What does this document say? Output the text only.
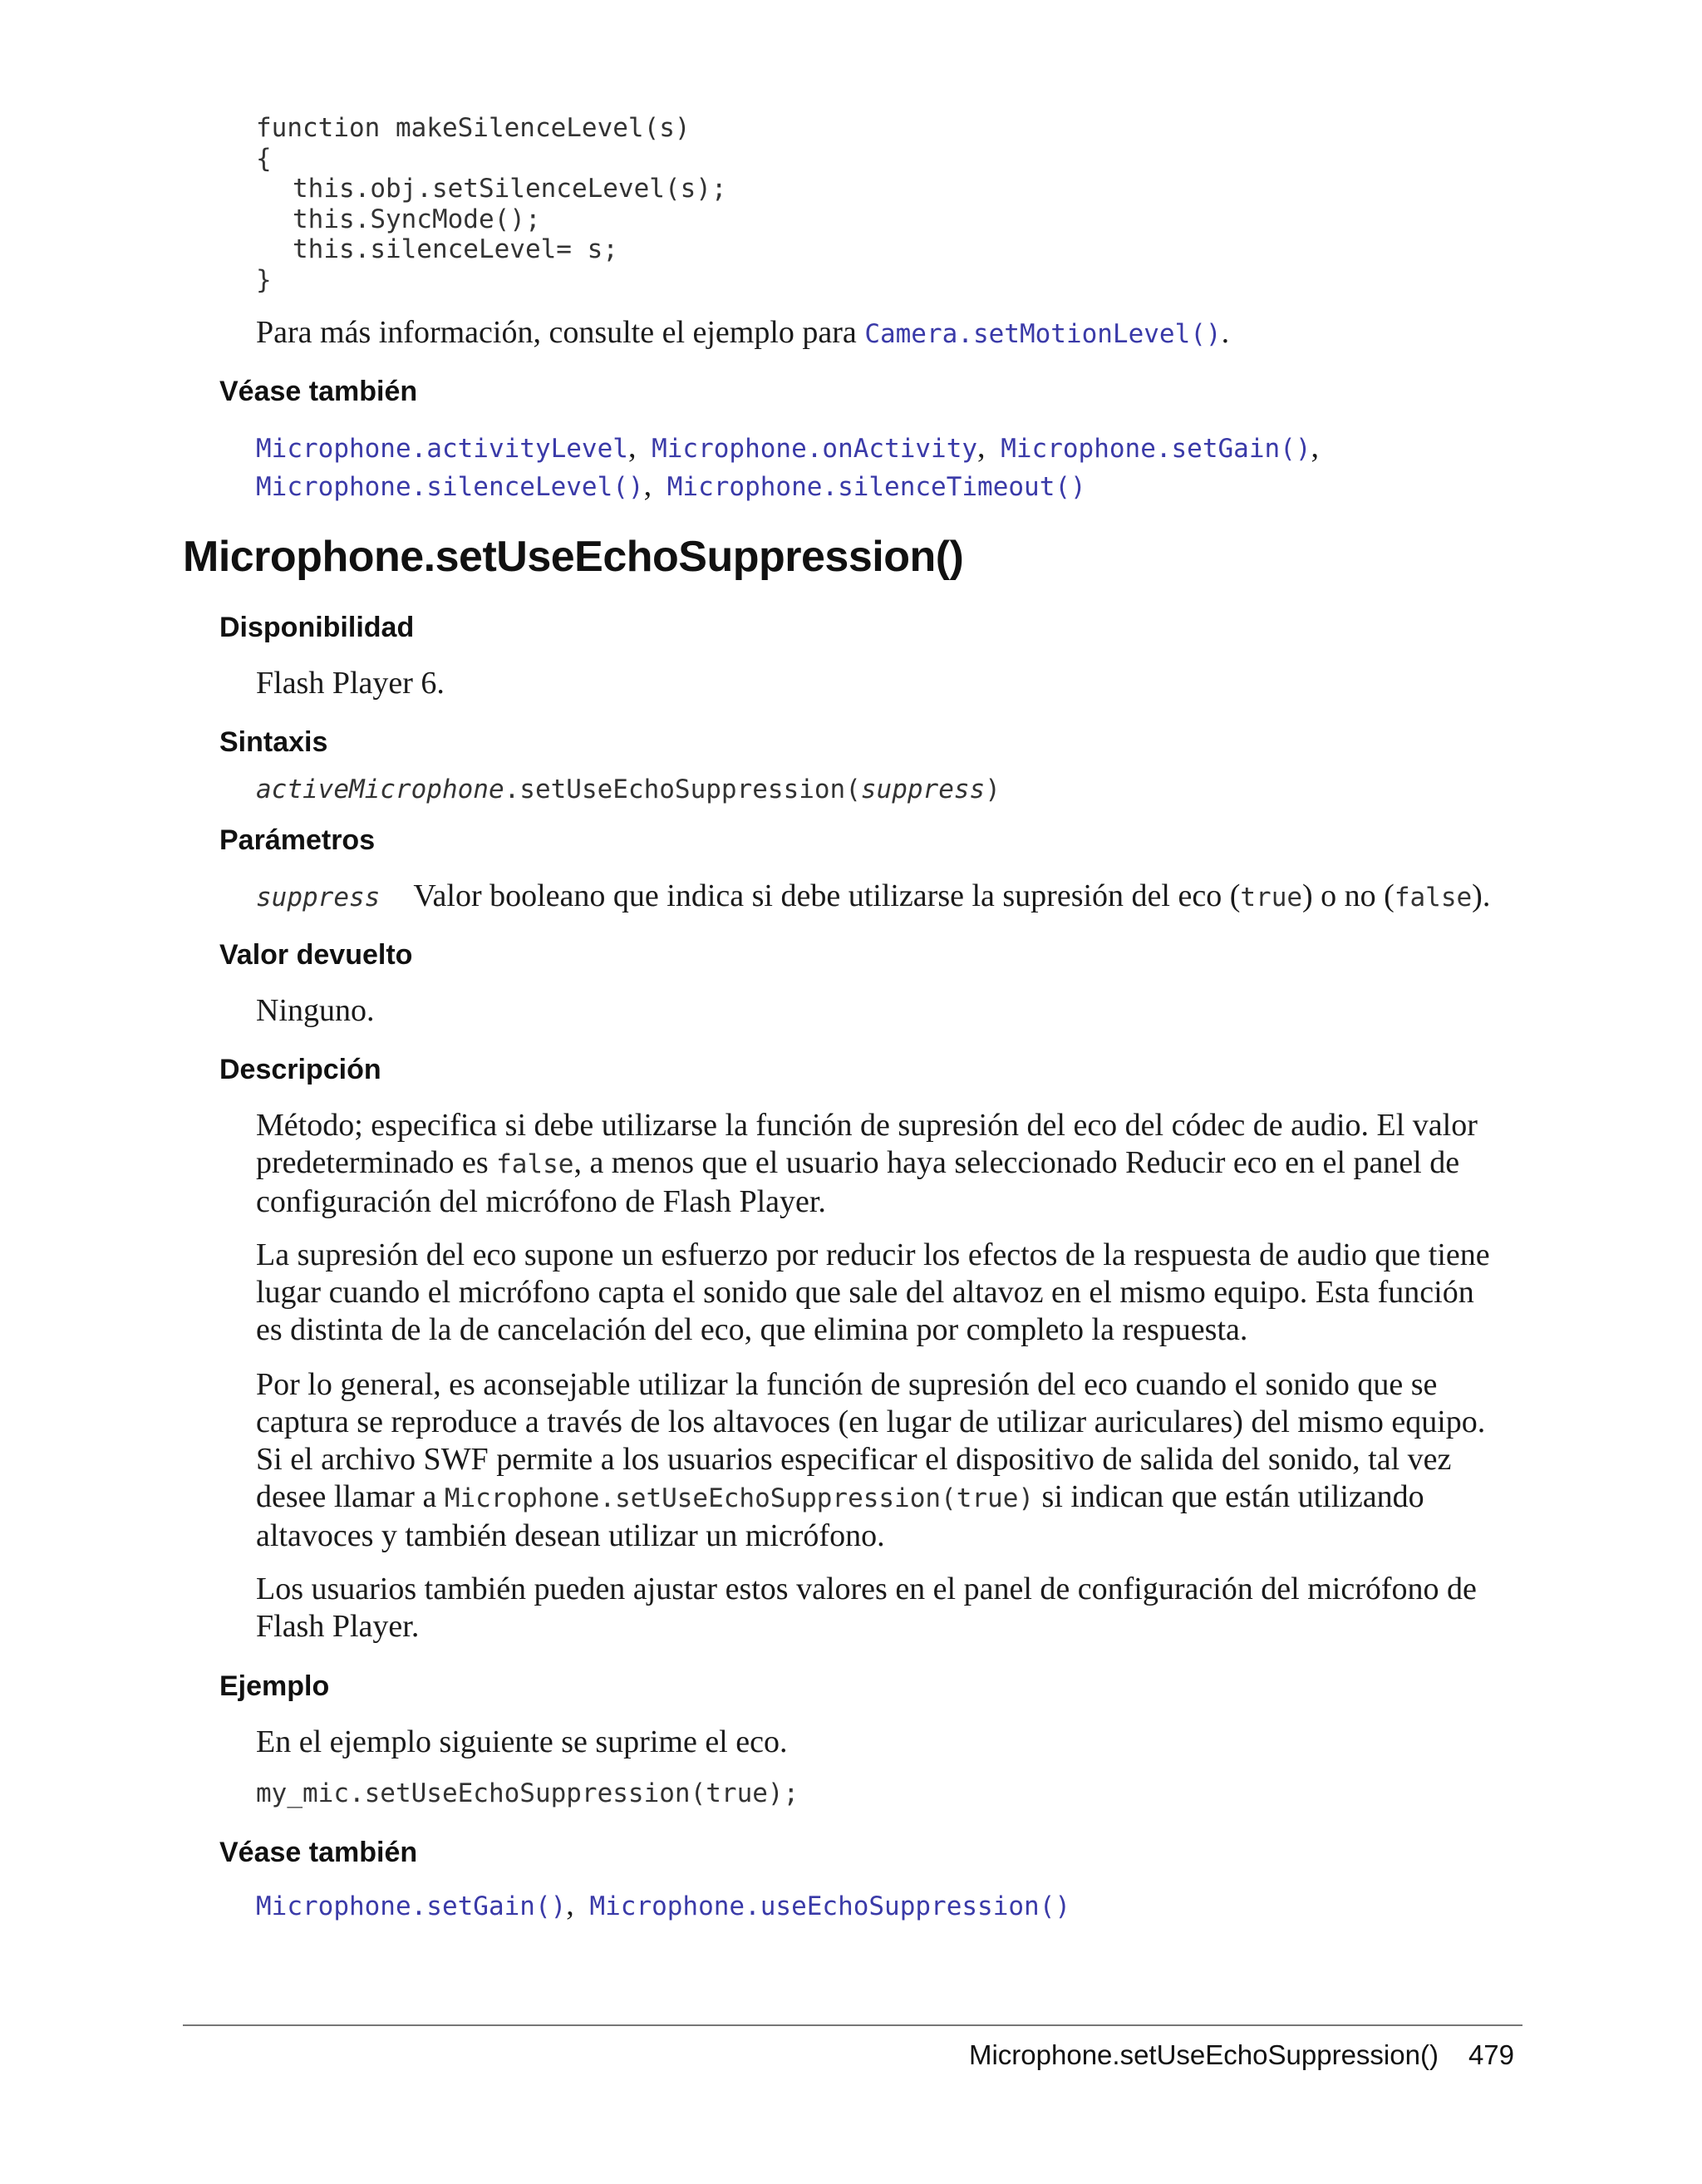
function makeSilenceLevel(s)
{
this.obj.setSilenceLevel(s);
this.SyncMode();
this.silenceLevel= s;
}
Para más información, consulte el ejemplo para Camera.setMotionLevel().
Véase también
Microphone.activityLevel, Microphone.onActivity, Microphone.setGain(),
Microphone.silenceLevel(), Microphone.silenceTimeout()
Microphone.setUseEchoSuppression()
Disponibilidad
Flash Player 6.
Sintaxis
activeMicrophone.setUseEchoSuppression(suppress)
Parámetros
suppress Valor booleano que indica si debe utilizarse la supresión del eco (true) o no (false).
Valor devuelto
Ninguno.
Descripción
Método; especifica si debe utilizarse la función de supresión del eco del códec de audio. El valor
predeterminado es false, a menos que el usuario haya seleccionado Reducir eco en el panel de
configuración del micrófono de Flash Player.
La supresión del eco supone un esfuerzo por reducir los efectos de la respuesta de audio que tiene
lugar cuando el micrófono capta el sonido que sale del altavoz en el mismo equipo. Esta función
es distinta de la de cancelación del eco, que elimina por completo la respuesta.
Por lo general, es aconsejable utilizar la función de supresión del eco cuando el sonido que se
captura se reproduce a través de los altavoces (en lugar de utilizar auriculares) del mismo equipo.
Si el archivo SWF permite a los usuarios especificar el dispositivo de salida del sonido, tal vez
desee llamar a Microphone.setUseEchoSuppression(true) si indican que están utilizando
altavoces y también desean utilizar un micrófono.
Los usuarios también pueden ajustar estos valores en el panel de configuración del micrófono de
Flash Player.
Ejemplo
En el ejemplo siguiente se suprime el eco.
my_mic.setUseEchoSuppression(true);
Véase también
Microphone.setGain(), Microphone.useEchoSuppression()
Microphone.setUseEchoSuppression() 479
